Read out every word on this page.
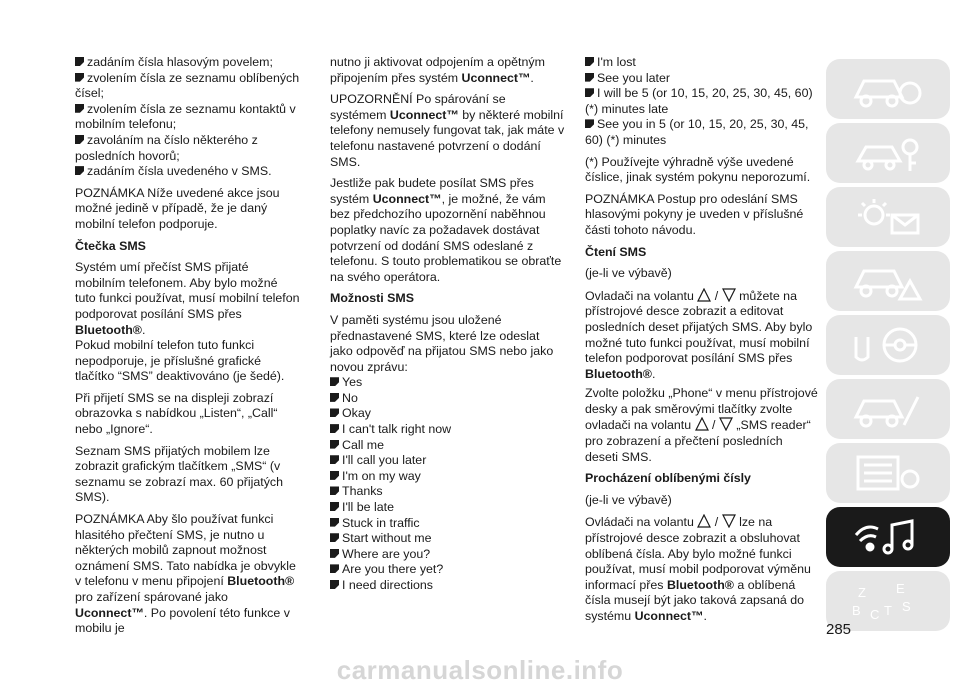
zadáním čísla hlasovým povelem;
zvolením čísla ze seznamu oblíbených čísel;
zvolením čísla ze seznamu kontaktů v mobilním telefonu;
zavoláním na číslo některého z posledních hovorů;
zadáním čísla uvedeného v SMS.

POZNÁMKA Níže uvedené akce jsou možné jedině v případě, že je daný mobilní telefon podporuje.

Čtečka SMS

Systém umí přečíst SMS přijaté mobilním telefonem. Aby bylo možné tuto funkci používat, musí mobilní telefon podporovat posílání SMS přes Bluetooth®.

Pokud mobilní telefon tuto funkci nepodporuje, je příslušné grafické tlačítko “SMS” deaktivováno (je šedé).

Při přijetí SMS se na displeji zobrazí obrazovka s nabídkou „Listen“, „Call“ nebo „Ignore“.

Seznam SMS přijatých mobilem lze zobrazit grafickým tlačítkem „SMS“ (v seznamu se zobrazí max. 60 přijatých SMS).

POZNÁMKA Aby šlo používat funkci hlasitého přečtení SMS, je nutno u některých mobilů zapnout možnost oznámení SMS. Tato nabídka je obvykle v telefonu v menu připojení Bluetooth® pro zařízení spárované jako Uconnect™. Po povolení této funkce v mobilu je

nutno ji aktivovat odpojením a opětným připojením přes systém Uconnect™.

UPOZORNĚNÍ Po spárování se systémem Uconnect™ by některé mobilní telefony nemusely fungovat tak, jak máte v telefonu nastavené potvrzení o dodání SMS.

Jestliže pak budete posílat SMS přes systém Uconnect™, je možné, že vám bez předchozího upozornění naběhnou poplatky navíc za požadavek dostávat potvrzení od dodání SMS odeslané z telefonu. S touto problematikou se obraťte na svého operátora.

Možnosti SMS

V paměti systému jsou uložené přednastavené SMS, které lze odeslat jako odpověď na přijatou SMS nebo jako novou zprávu:

Yes
No
Okay
I can't talk right now
Call me
I'll call you later
I'm on my way
Thanks
I'll be late
Stuck in traffic
Start without me
Where are you?
Are you there yet?
I need directions
I'm lost
See you later
I will be 5 (or 10, 15, 20, 25, 30, 45, 60) (*) minutes late
See you in 5 (or 10, 15, 20, 25, 30, 45, 60) (*) minutes

(*) Používejte výhradně výše uvedené číslice, jinak systém pokynu neporozumí.

POZNÁMKA Postup pro odeslání SMS hlasovými pokyny je uveden v příslušné části tohoto návodu.

Čtení SMS

(je-li ve výbavě)

Ovladači na volantu / můžete na přístrojové desce zobrazit a editovat posledních deset přijatých SMS. Aby bylo možné tuto funkci používat, musí mobilní telefon podporovat posílání SMS přes Bluetooth®.

Zvolte položku „Phone“ v menu přístrojové desky a pak směrovými tlačítky zvolte ovladači na volantu / „SMS reader“ pro zobrazení a přečtení posledních deseti SMS.

Procházení oblíbenými čísly

(je-li ve výbavě)

Ovládači na volantu / lze na přístrojové desce zobrazit a obsluhovat oblíbená čísla. Aby bylo možné funkci používat, musí mobil podporovat výměnu informací přes Bluetooth® a oblíbená čísla musejí být jako taková zapsaná do systému Uconnect™.

Z E
B C T S
285
carmanualsonline.info
